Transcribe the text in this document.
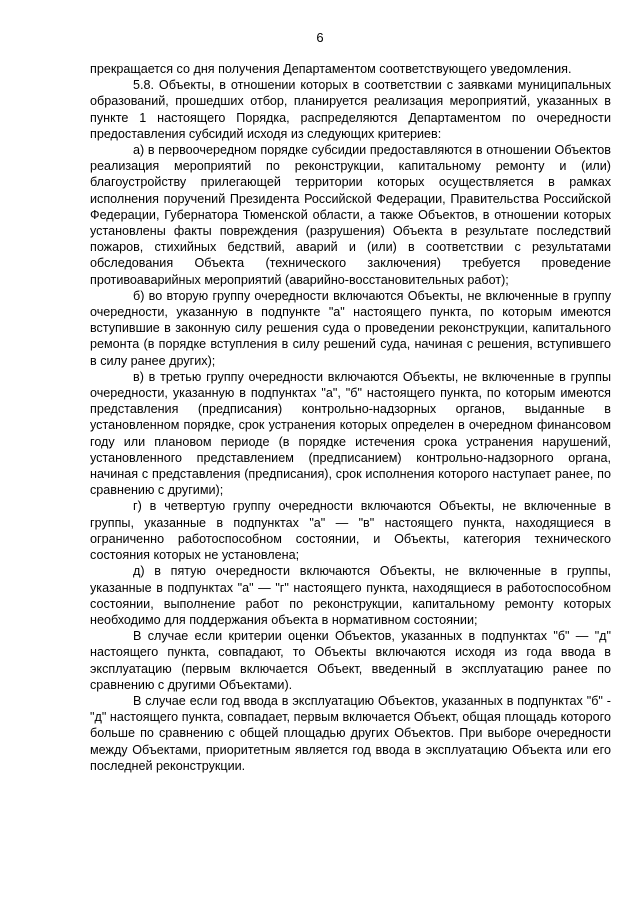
6

прекращается со дня получения Департаментом соответствующего уведомления.

5.8. Объекты, в отношении которых в соответствии с заявками муниципальных образований, прошедших отбор, планируется реализация мероприятий, указанных в пункте 1 настоящего Порядка, распределяются Департаментом по очередности предоставления субсидий исходя из следующих критериев:

а) в первоочередном порядке субсидии предоставляются в отношении Объектов реализация мероприятий по реконструкции, капитальному ремонту и (или) благоустройству прилегающей территории которых осуществляется в рамках исполнения поручений Президента Российской Федерации, Правительства Российской Федерации, Губернатора Тюменской области, а также Объектов, в отношении которых установлены факты повреждения (разрушения) Объекта в результате последствий пожаров, стихийных бедствий, аварий и (или) в соответствии с результатами обследования Объекта (технического заключения) требуется проведение противоаварийных мероприятий (аварийно-восстановительных работ);

б) во вторую группу очередности включаются Объекты, не включенные в группу очередности, указанную в подпункте "а" настоящего пункта, по которым имеются вступившие в законную силу решения суда о проведении реконструкции, капитального ремонта (в порядке вступления в силу решений суда, начиная с решения, вступившего в силу ранее других);

в) в третью группу очередности включаются Объекты, не включенные в группы очередности, указанную в подпунктах "а", "б" настоящего пункта, по которым имеются представления (предписания) контрольно-надзорных органов, выданные в установленном порядке, срок устранения которых определен в очередном финансовом году или плановом периоде (в порядке истечения срока устранения нарушений, установленного представлением (предписанием) контрольно-надзорного органа, начиная с представления (предписания), срок исполнения которого наступает ранее, по сравнению с другими);

г) в четвертую группу очередности включаются Объекты, не включенные в группы, указанные в подпунктах "а" — "в" настоящего пункта, находящиеся в ограниченно работоспособном состоянии, и Объекты, категория технического состояния которых не установлена;

д) в пятую очередности включаются Объекты, не включенные в группы, указанные в подпунктах "а" — "г" настоящего пункта, находящиеся в работоспособном состоянии, выполнение работ по реконструкции, капитальному ремонту которых необходимо для поддержания объекта в нормативном состоянии;

В случае если критерии оценки Объектов, указанных в подпунктах "б" — "д" настоящего пункта, совпадают, то Объекты включаются исходя из года ввода в эксплуатацию (первым включается Объект, введенный в эксплуатацию ранее по сравнению с другими Объектами).

В случае если год ввода в эксплуатацию Объектов, указанных в подпунктах "б" - "д" настоящего пункта, совпадает, первым включается Объект, общая площадь которого больше по сравнению с общей площадью других Объектов. При выборе очередности между Объектами, приоритетным является год ввода в эксплуатацию Объекта или его последней реконструкции.
